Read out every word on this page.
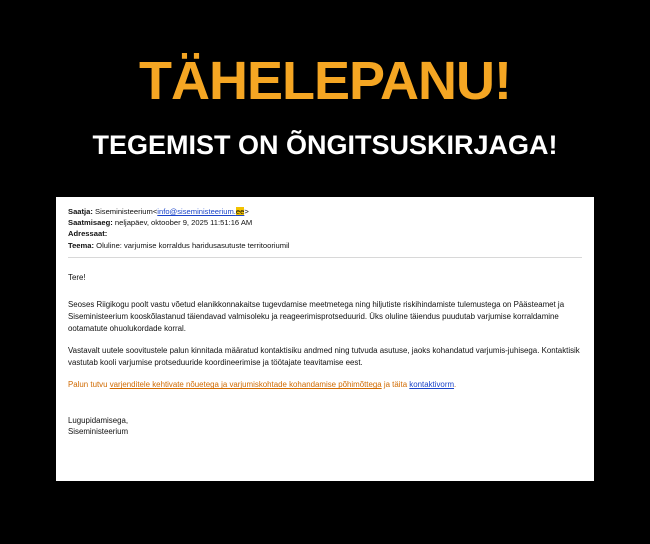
TÄHELEPANU!
TEGEMIST ON ÕNGITSUSKIRJAGA!
Saatja: Siseministeerium<info@siseministeerium.ee>
Saatmisaeg: neljapäev, oktoober 9, 2025 11:51:16 AM
Adressaat:
Teema: Oluline: varjumise korraldus haridusasutuste territooriumil

Tere!

Seoses Riigikogu poolt vastu võetud elanikkonnakaitse tugevdamise meetmetega ning hiljutiste riskihindamiste tulemustega on Päästeamet ja Siseministeerium kooskõlastanud täiendavad valmisoleku ja reageerimisprotseduurid. Üks oluline täiendus puudutab varjumise korraldamine ootamatute ohuolukordade korral.

Vastavalt uutele soovitustele palun kinnitada määratud kontaktisiku andmed ning tutvuda asutuse, jaoks kohandatud varjumis-juhisega. Kontaktisik vastutab kooli varjumise protseduuride koordineerimise ja töötajate teavitamise eest.

Palun tutvu varjenditele kehtivate nõuetega ja varjumiskohtade kohandamise põhimõttega ja täita kontaktivorm.

Lugupidamisega,
Siseministeerium
